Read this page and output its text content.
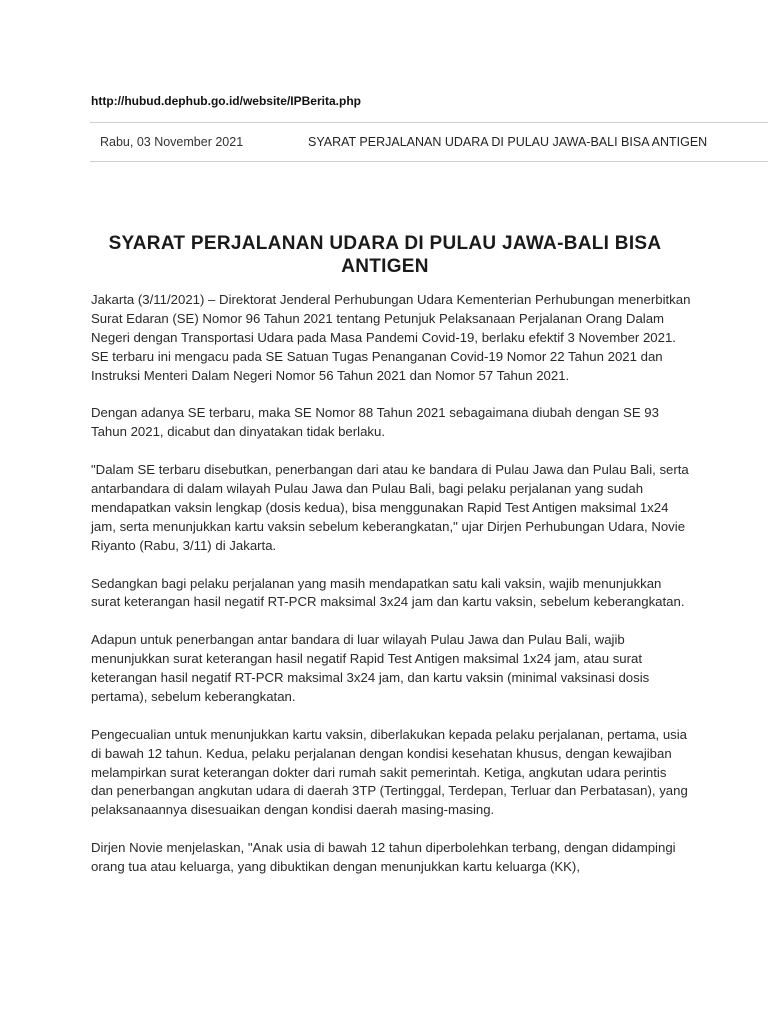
http://hubud.dephub.go.id/website/IPBerita.php
Rabu, 03 November 2021	SYARAT PERJALANAN UDARA DI PULAU JAWA-BALI BISA ANTIGEN
SYARAT PERJALANAN UDARA DI PULAU JAWA-BALI BISA ANTIGEN

Jakarta (3/11/2021) – Direktorat Jenderal Perhubungan Udara Kementerian Perhubungan menerbitkan Surat Edaran (SE) Nomor 96 Tahun 2021 tentang Petunjuk Pelaksanaan Perjalanan Orang Dalam Negeri dengan Transportasi Udara pada Masa Pandemi Covid-19, berlaku efektif 3 November 2021. SE terbaru ini mengacu pada SE Satuan Tugas Penanganan Covid-19 Nomor 22 Tahun 2021 dan Instruksi Menteri Dalam Negeri Nomor 56 Tahun 2021 dan Nomor 57 Tahun 2021.

Dengan adanya SE terbaru, maka SE Nomor 88 Tahun 2021 sebagaimana diubah dengan SE 93 Tahun 2021, dicabut dan dinyatakan tidak berlaku.

"Dalam SE terbaru disebutkan, penerbangan dari atau ke bandara di Pulau Jawa dan Pulau Bali, serta antarbandara di dalam wilayah Pulau Jawa dan Pulau Bali, bagi pelaku perjalanan yang sudah mendapatkan vaksin lengkap (dosis kedua), bisa menggunakan Rapid Test Antigen maksimal 1x24 jam, serta menunjukkan kartu vaksin sebelum keberangkatan," ujar Dirjen Perhubungan Udara, Novie Riyanto (Rabu, 3/11) di Jakarta.

Sedangkan bagi pelaku perjalanan yang masih mendapatkan satu kali vaksin, wajib menunjukkan surat keterangan hasil negatif RT-PCR maksimal 3x24 jam dan kartu vaksin, sebelum keberangkatan.

Adapun untuk penerbangan antar bandara di luar wilayah Pulau Jawa dan Pulau Bali, wajib menunjukkan surat keterangan hasil negatif Rapid Test Antigen maksimal 1x24 jam, atau surat keterangan hasil negatif RT-PCR maksimal 3x24 jam, dan kartu vaksin (minimal vaksinasi dosis pertama), sebelum keberangkatan.

Pengecualian untuk menunjukkan kartu vaksin, diberlakukan kepada pelaku perjalanan, pertama, usia di bawah 12 tahun. Kedua, pelaku perjalanan dengan kondisi kesehatan khusus, dengan kewajiban melampirkan surat keterangan dokter dari rumah sakit pemerintah. Ketiga, angkutan udara perintis dan penerbangan angkutan udara di daerah 3TP (Tertinggal, Terdepan, Terluar dan Perbatasan), yang pelaksanaannya disesuaikan dengan kondisi daerah masing-masing.

Dirjen Novie menjelaskan, "Anak usia di bawah 12 tahun diperbolehkan terbang, dengan didampingi orang tua atau keluarga, yang dibuktikan dengan menunjukkan kartu keluarga (KK),
